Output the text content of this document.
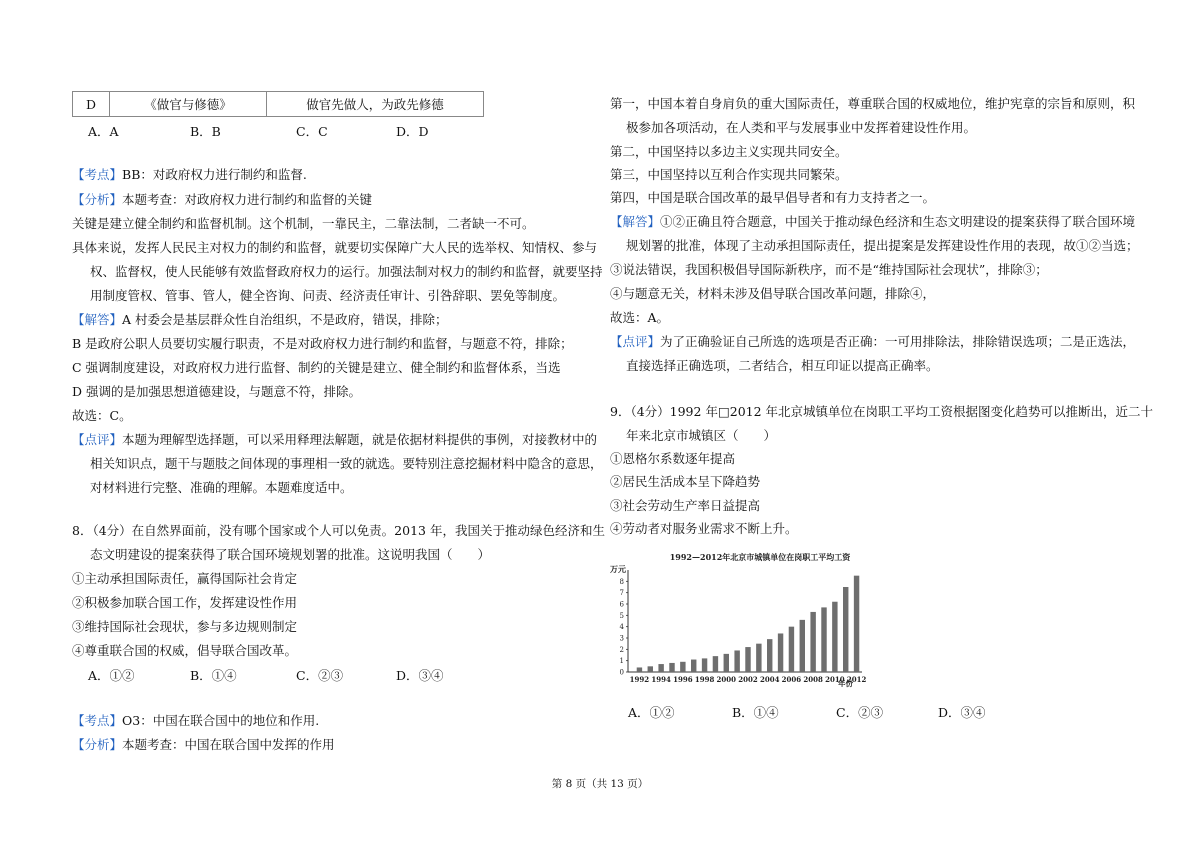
D	《做官与修德》	做官先做人，为政先修德
A．A	B．B	C．C	D．D
【考点】BB：对政府权力进行制约和监督.
【分析】本题考查：对政府权力进行制约和监督的关键
关键是建立健全制约和监督机制。这个机制，一靠民主，二靠法制，二者缺一不可。
具体来说，发挥人民民主对权力的制约和监督，就要切实保障广大人民的选举权、知情权、参与
权、监督权，使人民能够有效监督政府权力的运行。加强法制对权力的制约和监督，就要坚持
用制度管权、管事、管人，健全咨询、问责、经济责任审计、引咎辞职、罢免等制度。
【解答】A 村委会是基层群众性自治组织，不是政府，错误，排除；
B 是政府公职人员要切实履行职责，不是对政府权力进行制约和监督，与题意不符，排除；
C 强调制度建设，对政府权力进行监督、制约的关键是建立、健全制约和监督体系，当选
D 强调的是加强思想道德建设，与题意不符，排除。
故选：C。
【点评】本题为理解型选择题，可以采用释理法解题，就是依据材料提供的事例，对接教材中的
相关知识点，题干与题肢之间体现的事理相一致的就选。要特别注意挖掘材料中隐含的意思，
对材料进行完整、准确的理解。本题难度适中。
8．（4分）在自然界面前，没有哪个国家或个人可以免责。2013 年，我国关于推动绿色经济和生
态文明建设的提案获得了联合国环境规划署的批准。这说明我国（　　）
①主动承担国际责任，赢得国际社会肯定
②积极参加联合国工作，发挥建设性作用
③维持国际社会现状，参与多边规则制定
④尊重联合国的权威，倡导联合国改革。
A．①②	B．①④	C．②③	D．③④
【考点】O3：中国在联合国中的地位和作用.
【分析】本题考查：中国在联合国中发挥的作用
第一，中国本着自身肩负的重大国际责任，尊重联合国的权威地位，维护宪章的宗旨和原则，积
极参加各项活动，在人类和平与发展事业中发挥着建设性作用。
第二，中国坚持以多边主义实现共同安全。
第三，中国坚持以互利合作实现共同繁荣。
第四，中国是联合国改革的最早倡导者和有力支持者之一。
【解答】①②正确且符合题意，中国关于推动绿色经济和生态文明建设的提案获得了联合国环境
规划署的批准，体现了主动承担国际责任，提出提案是发挥建设性作用的表现，故①②当选；
③说法错误，我国积极倡导国际新秩序，而不是“维持国际社会现状”，排除③；
④与题意无关，材料未涉及倡导联合国改革问题，排除④，
故选：A。
【点评】为了正确验证自己所选的选项是否正确：一可用排除法，排除错误选项；二是正选法，
直接选择正确选项，二者结合，相互印证以提高正确率。
9．（4分）1992 年□2012 年北京城镇单位在岗职工平均工资根据图变化趋势可以推断出，近二十
年来北京市城镇区（　　）
①恩格尔系数逐年提高
②居民生活成本呈下降趋势
③社会劳动生产率日益提高
④劳动者对服务业需求不断上升。
A．①②	B．①④	C．②③	D．③④
1992—2012年北京市城镇单位在岗职工平均工资
万元
年份
0
1
2
3
4
5
6
7
8
1992 1994 1996 1998 2000 2002 2004 2006 2008 2010 2012
第 8 页（共 13 页）
